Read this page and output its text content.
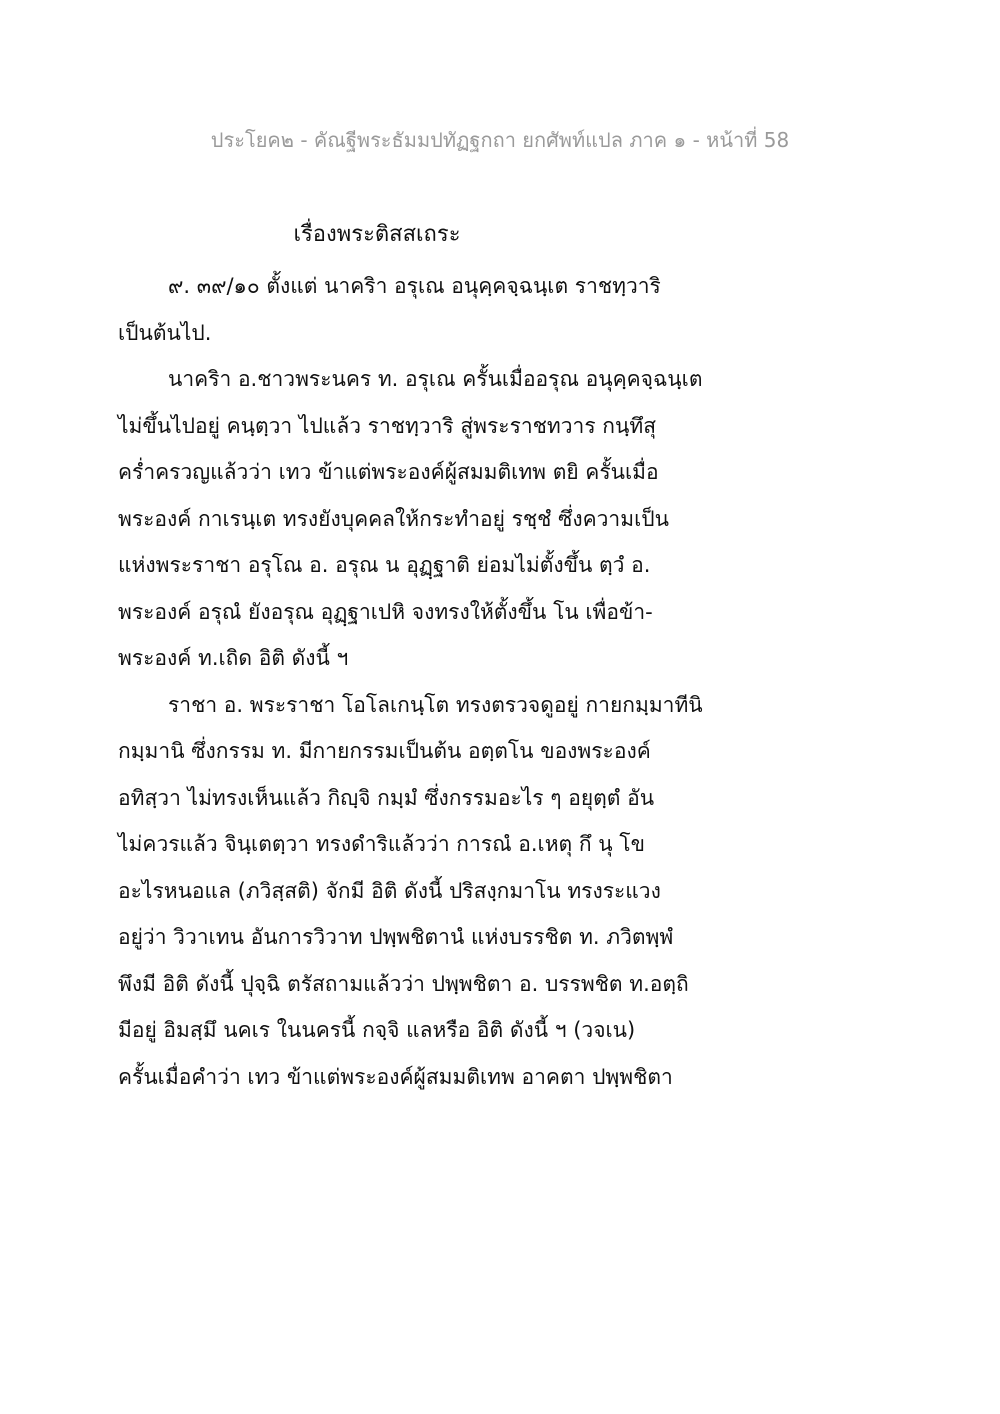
ประโยค๒ - คัณฐีพระธัมมปทัฏฐกถา ยกศัพท์แปล ภาค ๑ - หน้าที่ 58
เรื่องพระติสสเถระ
๙. ๓๙/๑๐ ตั้งแต่ นาคริา อรุเณ อนุคฺคจฺฉนฺเต ราชทฺวาริ
เป็นต้นไป.
นาคริา อ.ชาวพระนคร ท. อรุเณ ครั้นเมื่ออรุณ อนุคฺคจฺฉนฺเต
ไม่ขึ้นไปอยู่ คนฺตฺวา ไปแล้ว ราชทฺวาริ สู่พระราชทวาร กนฺทึสุ
คร่ำครวญแล้วว่า เทว ข้าแต่พระองค์ผู้สมมติเทพ ตยิ ครั้นเมื่อ
พระองค์ กาเรนฺเต ทรงยังบุคคลให้กระทำอยู่ รชฺชํ ซึ่งความเป็น
แห่งพระราชา อรุโณ อ. อรุณ น อุฏฺฐาติ ย่อมไม่ตั้งขึ้น ตฺวํ อ.
พระองค์ อรุณํ ยังอรุณ อุฏฺฐาเปหิ จงทรงให้ตั้งขึ้น โน เพื่อข้า-
พระองค์ ท.เถิด อิติ ดังนี้ ฯ
ราชา อ. พระราชา โอโลเกนฺโต ทรงตรวจดูอยู่ กายกมฺมาทีนิ
กมฺมานิ ซึ่งกรรม ท. มีกายกรรมเป็นต้น อตฺตโน ของพระองค์
อทิสฺวา ไม่ทรงเห็นแล้ว กิญฺจิ กมฺมํ ซึ่งกรรมอะไร ๆ อยุตฺตํ อัน
ไม่ควรแล้ว จินฺเตตฺวา ทรงดำริแล้วว่า การณํ อ.เหตุ กึ นุ โข
อะไรหนอแล (ภวิสฺสติ) จักมี อิติ ดังนี้ ปริสงฺกมาโน ทรงระแวง
อยู่ว่า วิวาเทน อันการวิวาท ปพฺพชิตานํ แห่งบรรชิต ท. ภวิตพฺพํ
พึงมี อิติ ดังนี้ ปุจฺฉิ ตรัสถามแล้วว่า ปพฺพชิตา อ. บรรพชิต ท.อตฺถิ
มีอยู่ อิมสฺมึ นคเร ในนครนี้ กจฺจิ แลหรือ อิติ ดังนี้ ฯ (วจเน)
ครั้นเมื่อคำว่า เทว ข้าแต่พระองค์ผู้สมมติเทพ อาคตา ปพฺพชิตา
